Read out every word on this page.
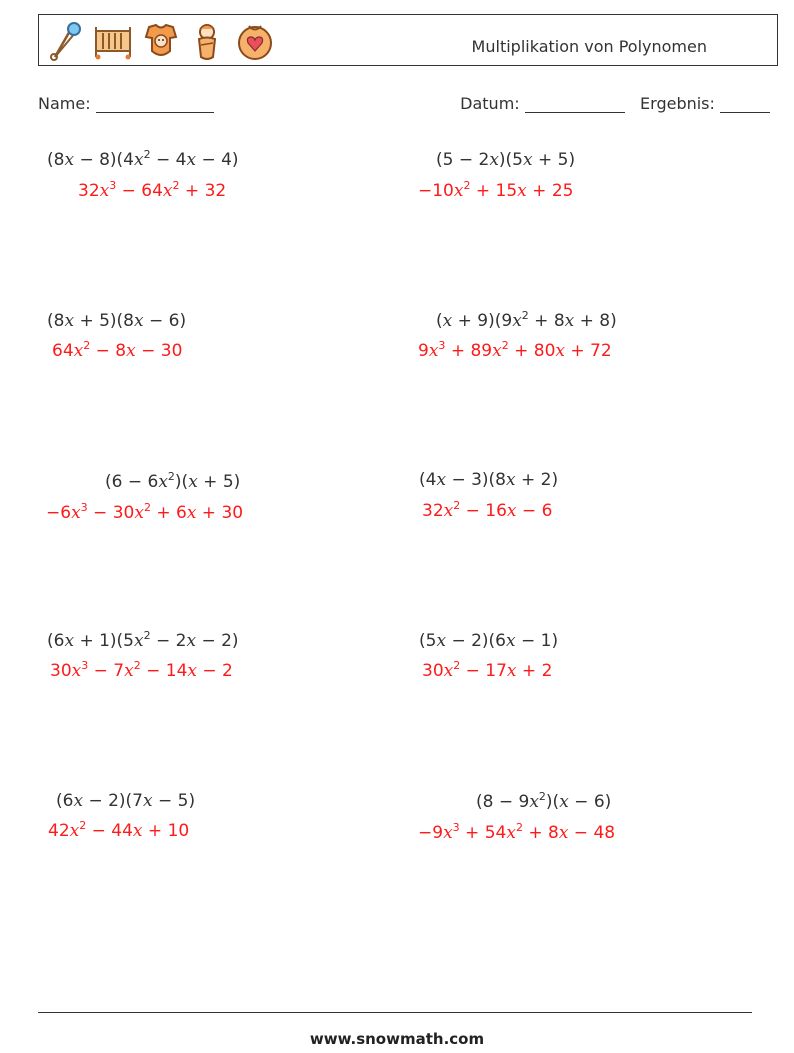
Multiplikation von Polynomen
Name:	Datum:	Ergebnis:
$(8x - 8)(4x^2 - 4x - 4)$
$32x^3 - 64x^2 + 32$
(5 − 2x)(5x + 5)
$-10x^2 + 15x + 25$
(8x + 5)(8x − 6)
$64x^2 - 8x - 30$
$(x + 9)(9x^2 + 8x + 8)$
$9x^3 + 89x^2 + 80x + 72$
$(6 - 6x^2)(x + 5)$
$-6x^3 - 30x^2 + 6x + 30$
(4x − 3)(8x + 2)
$32x^2 - 16x - 6$
$(6x + 1)(5x^2 - 2x - 2)$
$30x^3 - 7x^2 - 14x - 2$
(5x − 2)(6x − 1)
$30x^2 - 17x + 2$
(6x − 2)(7x − 5)
$42x^2 - 44x + 10$
$(8 - 9x^2)(x - 6)$
$-9x^3 + 54x^2 + 8x - 48$
www.snowmath.com
